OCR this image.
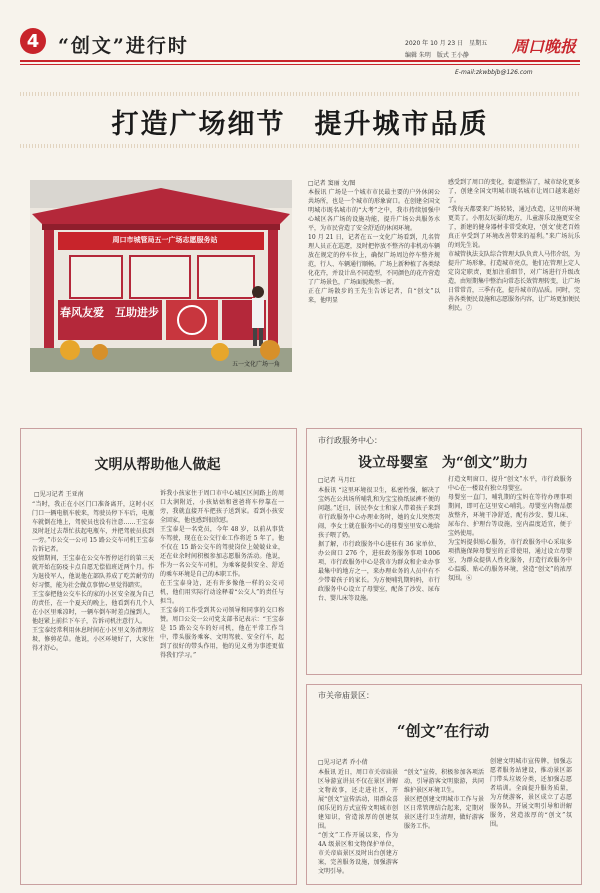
4 “创文”进行时	2020 年 10 月 23 日　星期五
编辑 朱明　版式 王小静	周口晚报
E-mail:zkwbbjb@126.com
打造广场细节　提升城市品质
周口市城管局五一广场志愿服务站
春风友爱　互助进步
五一文化广场一角
□记者 窦丽 文/图
本报讯 广场是一个城市市民最主要的户外休闲公共场所，也是一个城市的形象窗口。在创建全国文明城市既名城市的“大考”之中，我市持续加强中心城区各广场的设施功能，提升广场公共服务水平，为市民营造了安全舒适的休闲环境。
10 月 21 日，记者在五一文化广场看到，几名管理人员正在巡逻，及时把停放不整齐的非机动车辆放在规定的停车位上，确保广场周边停车整齐规范，行人、车辆通行顺畅。广场上新种植了各类绿化花卉，并设计出不同造型，不同颜色的花卉营造了广场景色，广场面貌焕然一新。
正在广场散步的王先生告诉记者，自“创文”以来，他明显
感受到了周口的变化，街道整洁了，城市绿化更多了，创建全国文明城市既名城市让周口越来越好了。
“我每天都要来广场转转，通过改造，这里的环境更美了。小朋友玩耍的地方，儿童游乐设施更安全了，新建的健身器材非常受欢迎，‘创文’使老百姓真正享受到了环境改善带来的福利。”来广场玩乐的刘先生说。
市城管执法支队综合管理大队负责人马伟介绍，为提升广场形象，打造城市亮点，他们在管理上定人定岗定职责，更加注重细节，对广场进行升级改造，由短期集中整治向常态长效管理转变，让广场日常常青，三季有花，提升城市的品质。同时，完善各类便民设施和志愿服务内容，让广场更加便民利民。⑦
文明从帮助他人做起
□见习记者 王亚南
“当时，我正在小区门口准备离开，这时小区门口一辆电瓶车驶来，驾驶员停下车后，电瓶车就倒在地上，驾驶员也没有注意……王宝泰及时赶过去帮忙扶起电瓶车，并把驾驶员扶到一旁。”市公交一公司 15 路公交车司机王宝泰告诉记者。
疫情期间，王宝泰在公交车暂停运行的第三天就开始在防疫卡点自愿无偿值班近两个月。作为退役军人，他说他在部队养成了吃苦耐劳的好习惯，能为社会做点事情心里觉得踏实。
王宝泰把他公交车长的家的小区安全视为自己的责任，在一个夏天的晚上，他看到有几个人在小区里乘凉时，一辆车倒车时差点撞到人，他赶紧上前拦下车子，告诉司机注意行人。
王宝泰经常利用休息时间在小区里义务清理垃圾，修剪花草。他说，小区环境好了，大家住得才舒心。
诉我小孩家住于周口市中心城区区间路上的周口大润附近，小孩姑姑和爸爸将车停靠在一旁，我就直接开车把孩子送到家。看到小孩安全回家，他也感到很欣慰。
王宝泰是一名党员，今年 48 岁，以前从事货车驾驶，现在在公交行业工作将近 5 年了。他不仅在 15 路公交车的驾驶岗位上兢兢业业，还在业余时间积极参加志愿服务活动。他说，作为一名公交车司机，为乘客提供安全、舒适的乘车环境是自己的本职工作。
在王宝泰身边，还有许多像他一样的公交司机，他们用实际行动诠释着“公交人”的责任与担当。
王宝泰的工作受到其公司领导和同事的交口称赞。周口公交一公司党支部书记表示：“王宝泰是 15 路公交车的好司机，他在平常工作当中，带头服务乘客、文明驾驶、安全行车，起到了很好的带头作用，他的见义勇为事迹更值得我们学习。”
市行政服务中心：
设立母婴室　为“创文”助力
□记者 马月红
本报讯 “这里环境很卫生，私密性强，解决了宝妈在公共场所哺乳和为宝宝换纸尿裤不便的问题。”近日，居民李女士和家人带着孩子来到市行政服务中心办理业务时，她的女儿突然哭闹，李女士就在服务中心的母婴室里安心地给孩子喂了奶。
据了解，市行政服务中心进驻有 36 家单位、办公窗口 276 个，进驻政务服务事项 1006 项，市行政服务中心是我市为群众和企业办事最集中的地方之一，来办理业务的人员中有不少带着孩子的家长。为方便哺乳期妈妈，市行政服务中心设立了母婴室，配备了沙发、尿布台、婴儿床等设施。
打造文明窗口、提升“创文”水平，市行政服务中心在一楼设有独立母婴室。
母婴室一直门，哺乳期的宝妈在等待办理事项期间，即可在这里安心哺乳。母婴室内物品摆放整齐，环境干净舒适，配有沙发、婴儿床、尿布台、护理台等设施，室内温度适宜，便于宝妈使用。
为宝妈提供贴心服务，市行政服务中心采取多项措施保障母婴室的正常使用，通过设立母婴室，为群众提供人性化服务，打造行政服务中心温暖、贴心的服务环境，营造“创文”的浓厚氛围。⑥
市关帝庙景区：
“创文”在行动
□见习记者 乔小倩
本报讯 近日，周口市关帝庙景区导游宣讲员不仅在景区讲解文物故事，还走进社区，开展“创文”宣传活动，用群众喜闻乐见的方式宣传文明城市创建知识，营造浓厚的创建氛围。
“创文”工作开展以来，作为 4A 级景区和文物保护单位，市关帝庙景区及时出台创建方案，完善服务设施，加强游客文明引导。
“创文”宣传，积极参加各项活动，引导游客文明旅游，共同维护景区环境卫生。
景区把创建文明城市工作与景区日常管理结合起来，定期对景区进行卫生清理，做好游客服务工作。
创建文明城市宣传牌，加强志愿者服务站建设，推动景区部门带头垃圾分类，还加强志愿者培训。全面提升服务质量，为方便游客，景区成立了志愿服务队，开展文明引导和讲解服务，营造浓厚的“创文”氛围。
